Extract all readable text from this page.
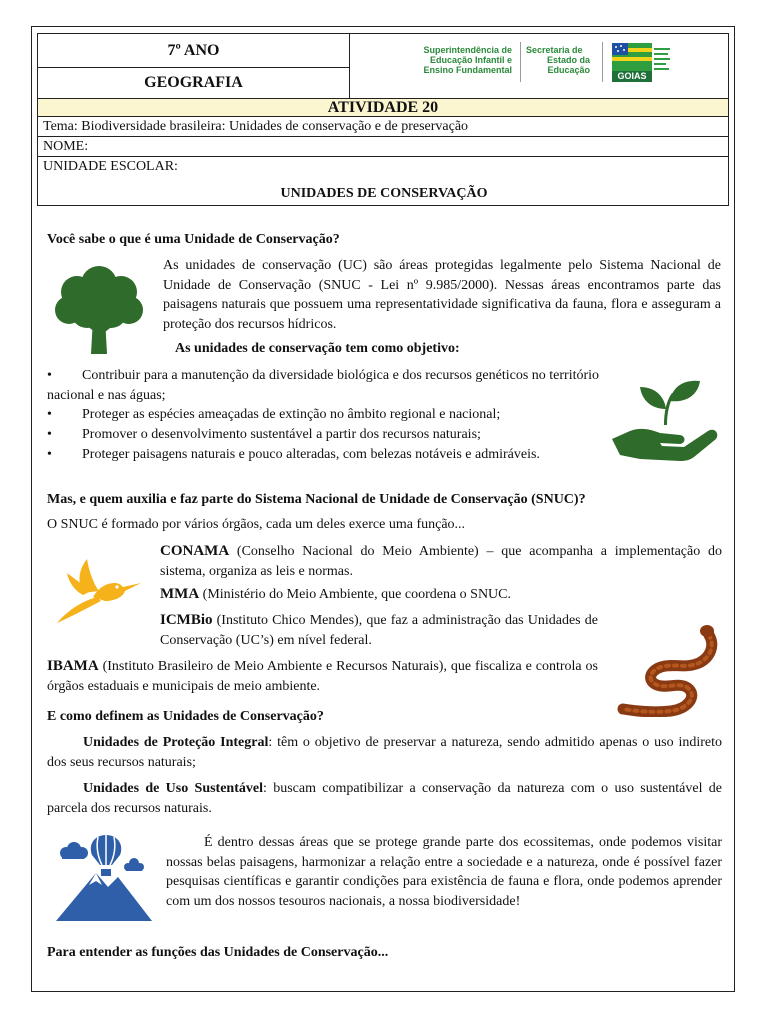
7º ANO
GEOGRAFIA
Superintendência de
Educação Infantil e
Ensino Fundamental
Secretaria de
Estado da
Educação
GOIAS
ATIVIDADE 20
Tema: Biodiversidade brasileira: Unidades de conservação e de preservação
NOME:
UNIDADE ESCOLAR:
UNIDADES DE CONSERVAÇÃO
Você sabe o que é uma Unidade de Conservação?
As unidades de conservação (UC) são áreas protegidas legalmente pelo Sistema Nacional de Unidade de Conservação (SNUC - Lei nº 9.985/2000). Nessas áreas encontramos parte das paisagens naturais que possuem uma representatividade significativa da fauna, flora e asseguram a proteção dos recursos hídricos.
As unidades de conservação tem como objetivo:
•	Contribuir para a manutenção da diversidade biológica e dos recursos genéticos no território nacional e nas águas;
•	Proteger as espécies ameaçadas de extinção no âmbito regional e nacional;
•	Promover o desenvolvimento sustentável a partir dos recursos naturais;
•	Proteger paisagens naturais e pouco alteradas, com belezas notáveis e admiráveis.
Mas, e quem auxilia e faz parte do Sistema Nacional de Unidade de Conservação (SNUC)?
O SNUC é formado por vários órgãos, cada um deles exerce uma função...
CONAMA (Conselho Nacional do Meio Ambiente) – que acompanha a implementação do sistema, organiza as leis e normas.
MMA (Ministério do Meio Ambiente, que coordena o SNUC.
ICMBio (Instituto Chico Mendes), que faz a administração das Unidades de Conservação (UC’s) em nível federal.
IBAMA (Instituto Brasileiro de Meio Ambiente e Recursos Naturais), que fiscaliza e controla os órgãos estaduais e municipais de meio ambiente.
E como definem as Unidades de Conservação?
Unidades de Proteção Integral: têm o objetivo de preservar a natureza, sendo admitido apenas o uso indireto dos seus recursos naturais;
Unidades de Uso Sustentável: buscam compatibilizar a conservação da natureza com o uso sustentável de parcela dos recursos naturais.
É dentro dessas áreas que se protege grande parte dos ecossitemas, onde podemos visitar nossas belas paisagens, harmonizar a relação entre a sociedade e a natureza, onde é possível fazer pesquisas científicas e garantir condições para existência de fauna e flora, onde podemos aprender com um dos nossos tesouros nacionais, a nossa biodiversidade!
Para entender as funções das Unidades de Conservação...
